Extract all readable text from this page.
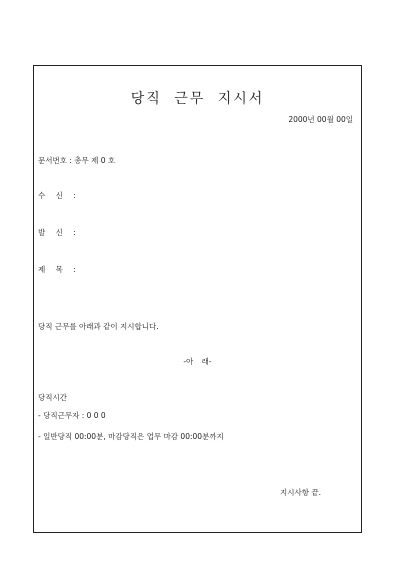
당직 근무 지시서
2000년 00월 00일
문서번호 : 총무 제 0 호
수 신 :
발 신 :
제 목 :
당직 근무를 아래과 같이 지시합니다.
-아 래-
당직시간
- 당직근무자 : 0 0 0
- 일반당직 00:00분, 마감당직은 업무 마감 00:00분까지
지시사항 끝.
